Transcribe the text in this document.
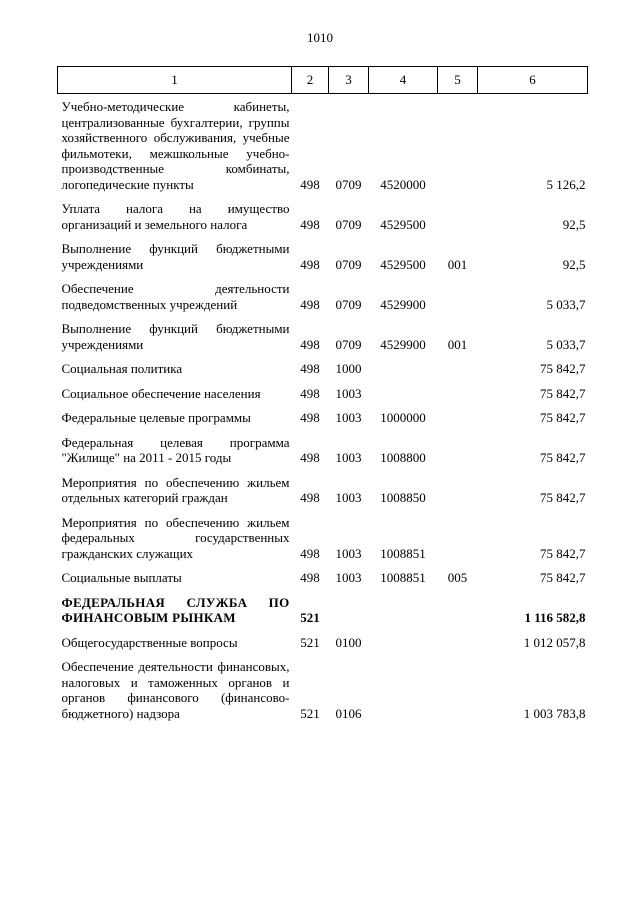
1010
1	2	3	4	5	6
Учебно-методические кабинеты, централизованные бухгалтерии, группы хозяйственного обслуживания, учебные фильмотеки, межшкольные учебно-производственные комбинаты, логопедические пункты	498	0709	4520000		5 126,2
Уплата налога на имущество организаций и земельного налога	498	0709	4529500		92,5
Выполнение функций бюджетными учреждениями	498	0709	4529500	001	92,5
Обеспечение деятельности подведомственных учреждений	498	0709	4529900		5 033,7
Выполнение функций бюджетными учреждениями	498	0709	4529900	001	5 033,7
Социальная политика	498	1000			75 842,7
Социальное обеспечение населения	498	1003			75 842,7
Федеральные целевые программы	498	1003	1000000		75 842,7
Федеральная целевая программа "Жилище" на 2011 - 2015 годы	498	1003	1008800		75 842,7
Мероприятия по обеспечению жильем отдельных категорий граждан	498	1003	1008850		75 842,7
Мероприятия по обеспечению жильем федеральных государственных гражданских служащих	498	1003	1008851		75 842,7
Социальные выплаты	498	1003	1008851	005	75 842,7
ФЕДЕРАЛЬНАЯ СЛУЖБА ПО ФИНАНСОВЫМ РЫНКАМ	521				1 116 582,8
Общегосударственные вопросы	521	0100			1 012 057,8
Обеспечение деятельности финансовых, налоговых и таможенных органов и органов финансового (финансово-бюджетного) надзора	521	0106			1 003 783,8
